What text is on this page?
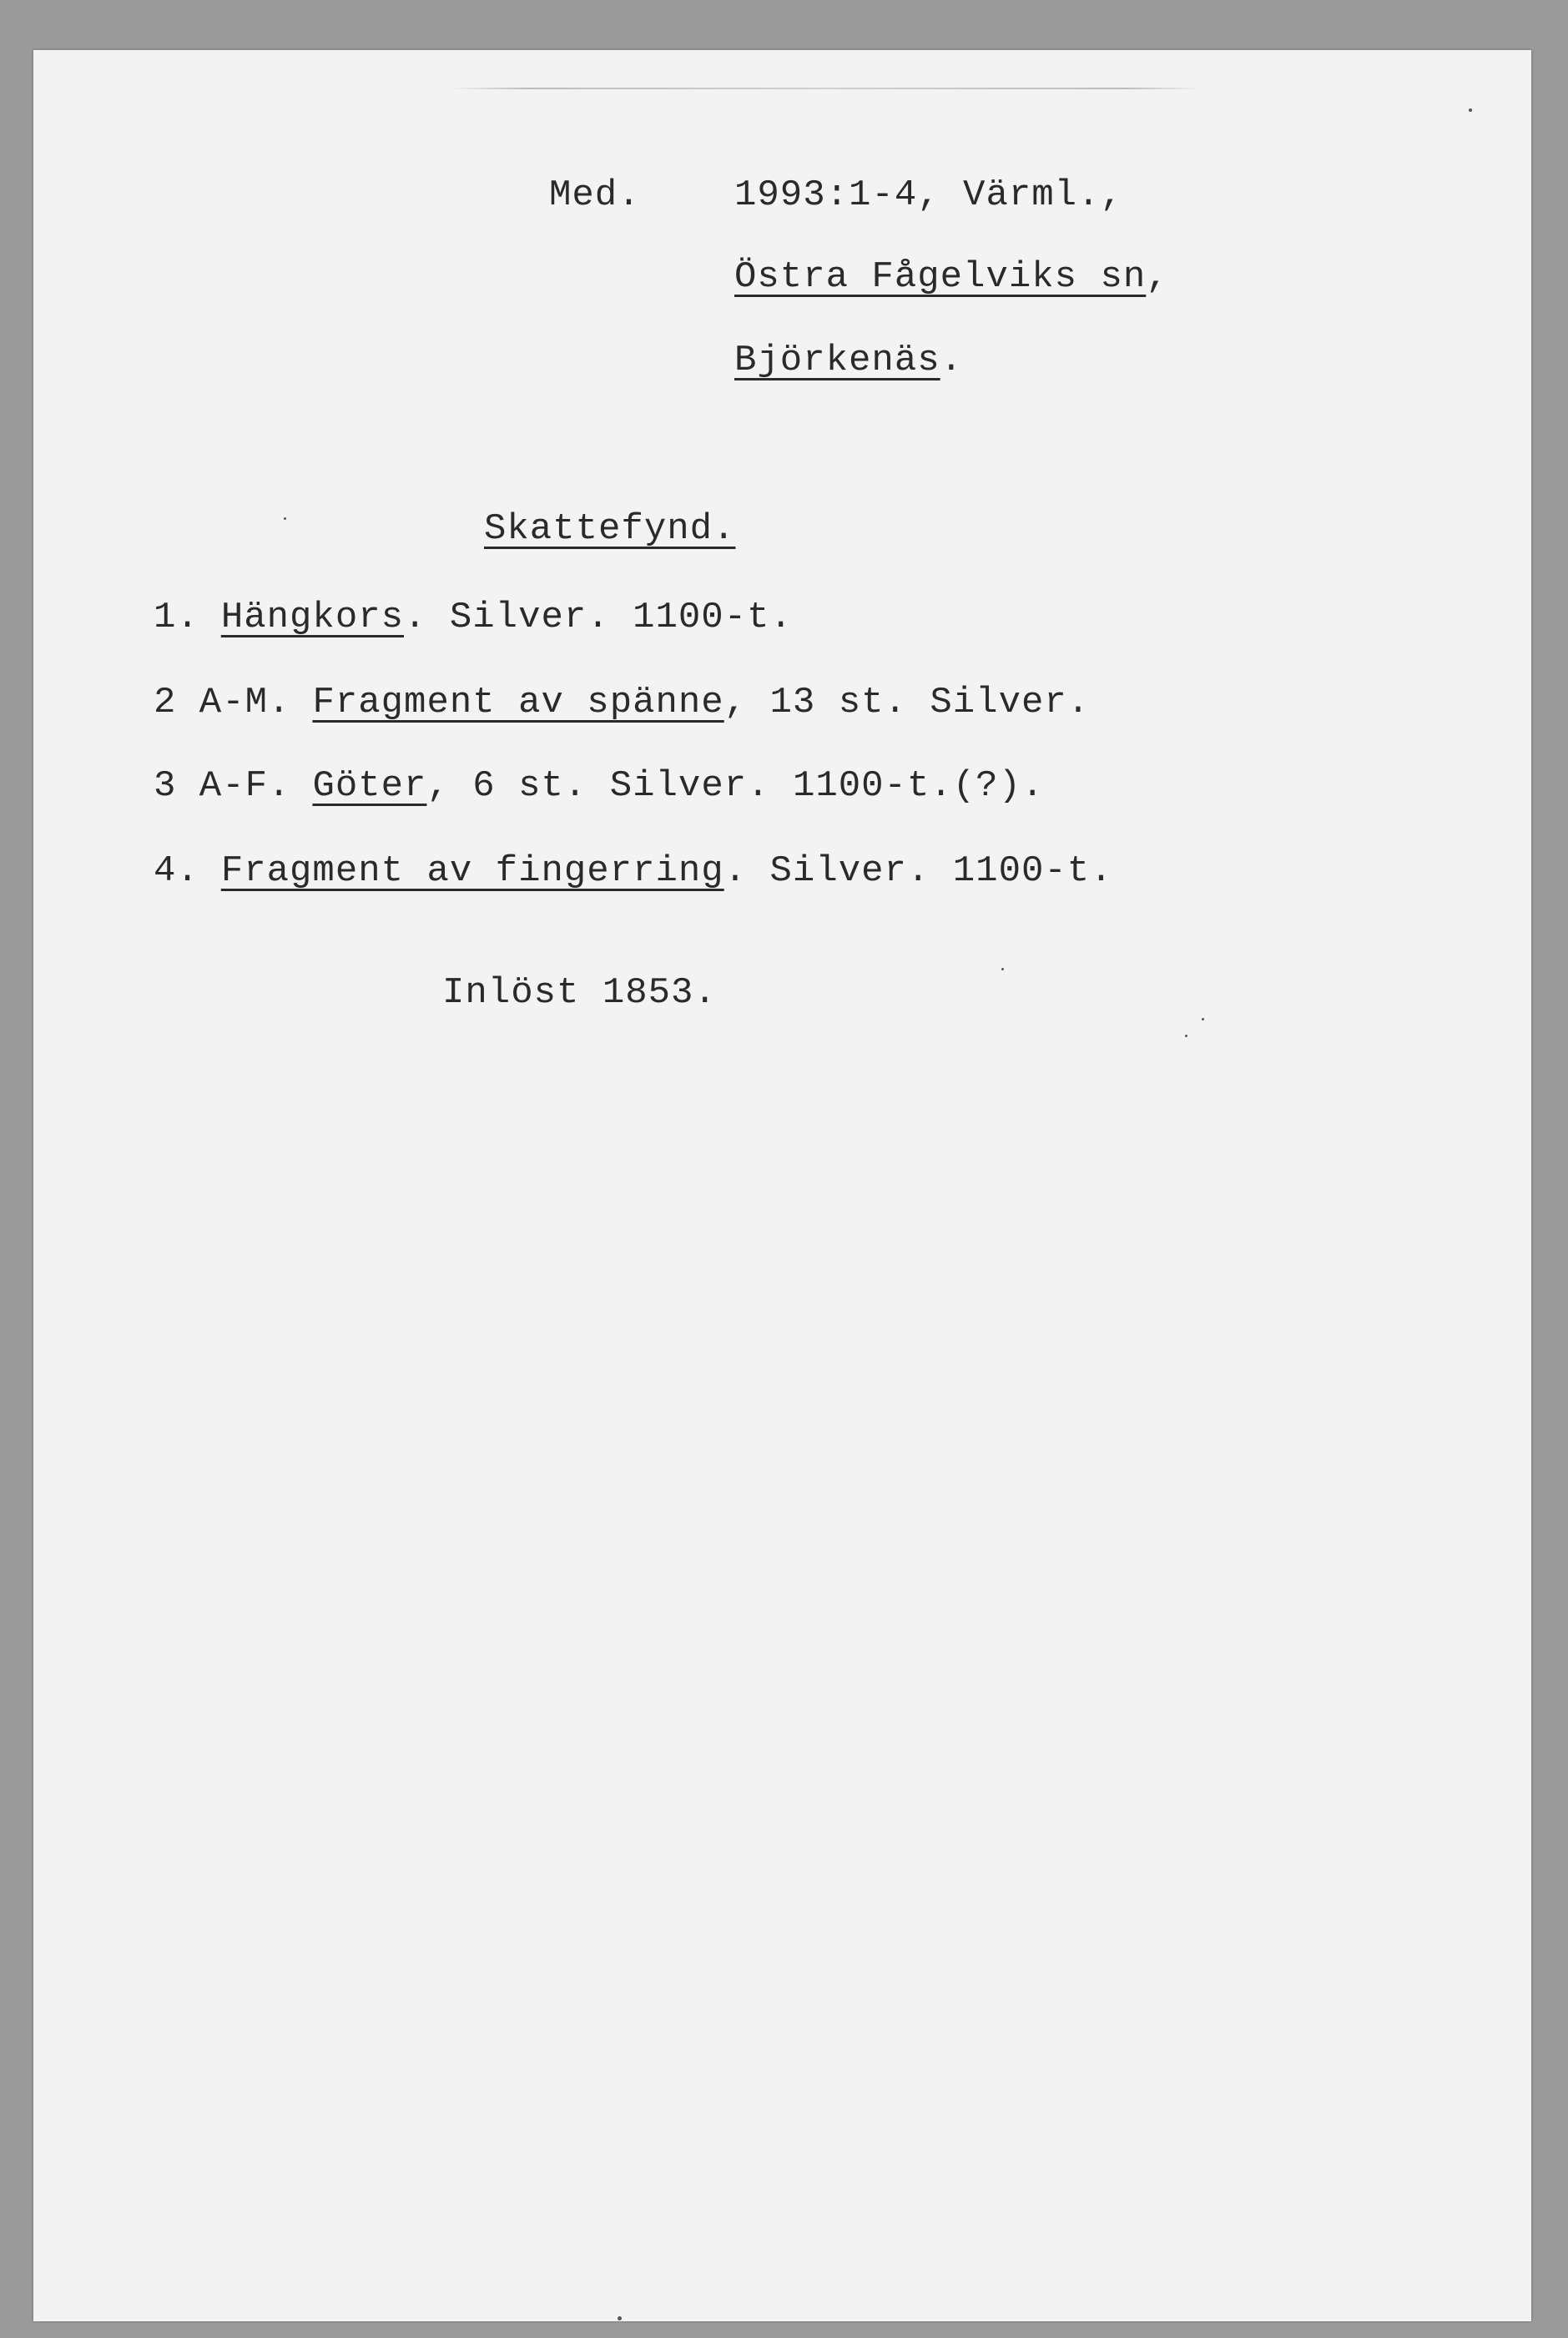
Med.	1993:1-4, Värml.,
Östra Fågelviks sn,
Björkenäs.
Skattefynd.
1. Hängkors. Silver. 1100-t.
2 A-M. Fragment av spänne, 13 st. Silver.
3 A-F. Göter, 6 st. Silver. 1100-t.(?).
4. Fragment av fingerring. Silver. 1100-t.
Inlöst 1853.
